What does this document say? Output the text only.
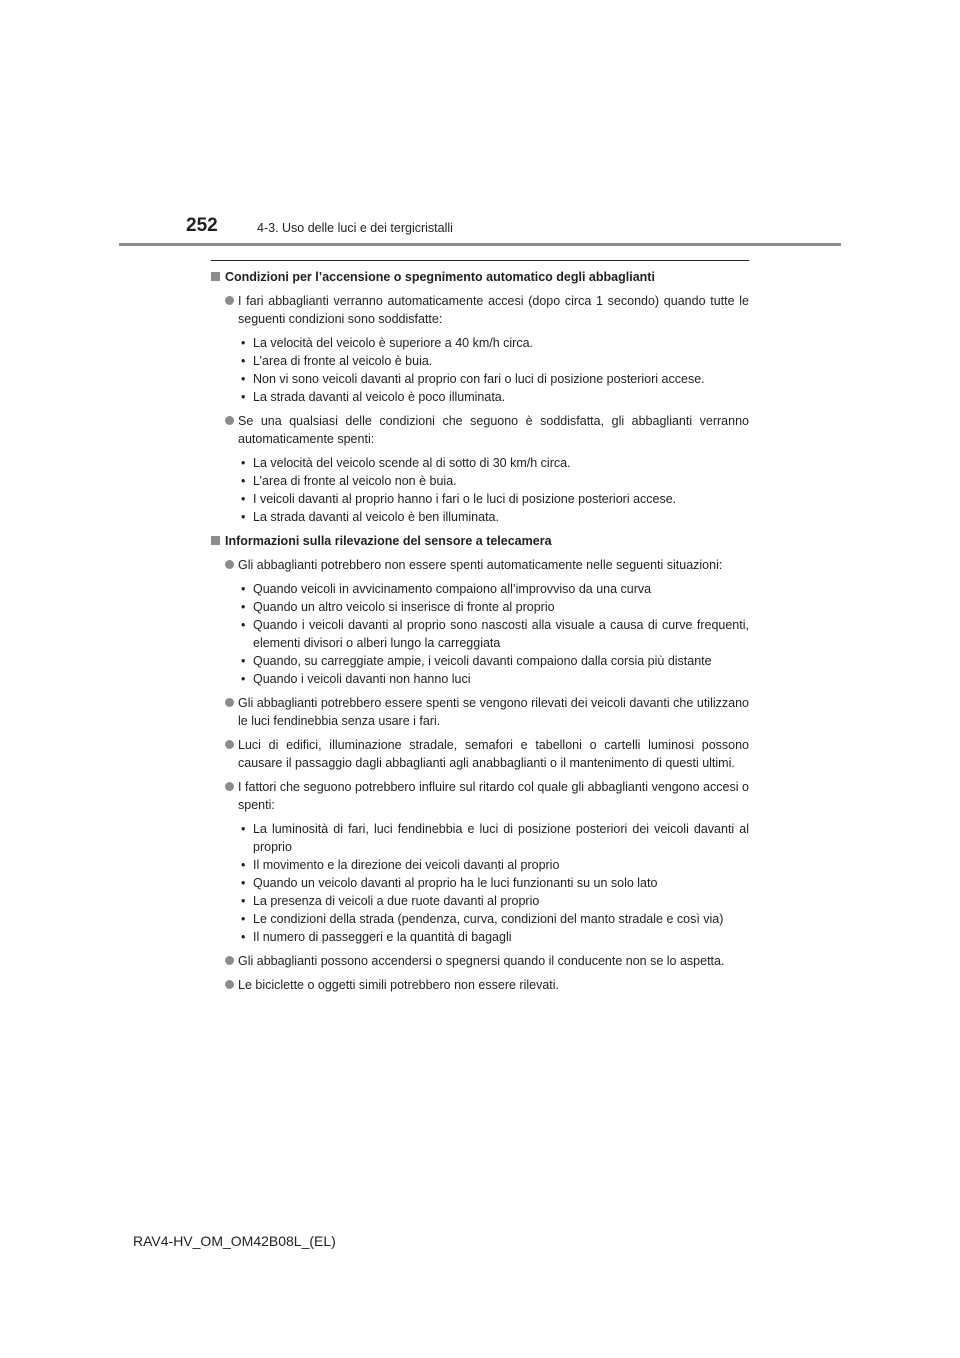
252	4-3. Uso delle luci e dei tergicristalli
Condizioni per l’accensione o spegnimento automatico degli abbaglianti
I fari abbaglianti verranno automaticamente accesi (dopo circa 1 secondo) quando tutte le seguenti condizioni sono soddisfatte:
• La velocità del veicolo è superiore a 40 km/h circa.
• L’area di fronte al veicolo è buia.
• Non vi sono veicoli davanti al proprio con fari o luci di posizione posteriori accese.
• La strada davanti al veicolo è poco illuminata.
Se una qualsiasi delle condizioni che seguono è soddisfatta, gli abbaglianti verranno automaticamente spenti:
• La velocità del veicolo scende al di sotto di 30 km/h circa.
• L’area di fronte al veicolo non è buia.
• I veicoli davanti al proprio hanno i fari o le luci di posizione posteriori accese.
• La strada davanti al veicolo è ben illuminata.
Informazioni sulla rilevazione del sensore a telecamera
Gli abbaglianti potrebbero non essere spenti automaticamente nelle seguenti situazioni:
• Quando veicoli in avvicinamento compaiono all’improvviso da una curva
• Quando un altro veicolo si inserisce di fronte al proprio
• Quando i veicoli davanti al proprio sono nascosti alla visuale a causa di curve frequenti, elementi divisori o alberi lungo la carreggiata
• Quando, su carreggiate ampie, i veicoli davanti compaiono dalla corsia più distante
• Quando i veicoli davanti non hanno luci
Gli abbaglianti potrebbero essere spenti se vengono rilevati dei veicoli davanti che utilizzano le luci fendinebbia senza usare i fari.
Luci di edifici, illuminazione stradale, semafori e tabelloni o cartelli luminosi possono causare il passaggio dagli abbaglianti agli anabbaglianti o il mantenimento di questi ultimi.
I fattori che seguono potrebbero influire sul ritardo col quale gli abbaglianti vengono accesi o spenti:
• La luminosità di fari, luci fendinebbia e luci di posizione posteriori dei veicoli davanti al proprio
• Il movimento e la direzione dei veicoli davanti al proprio
• Quando un veicolo davanti al proprio ha le luci funzionanti su un solo lato
• La presenza di veicoli a due ruote davanti al proprio
• Le condizioni della strada (pendenza, curva, condizioni del manto stradale e così via)
• Il numero di passeggeri e la quantità di bagagli
Gli abbaglianti possono accendersi o spegnersi quando il conducente non se lo aspetta.
Le biciclette o oggetti simili potrebbero non essere rilevati.
RAV4-HV_OM_OM42B08L_(EL)
